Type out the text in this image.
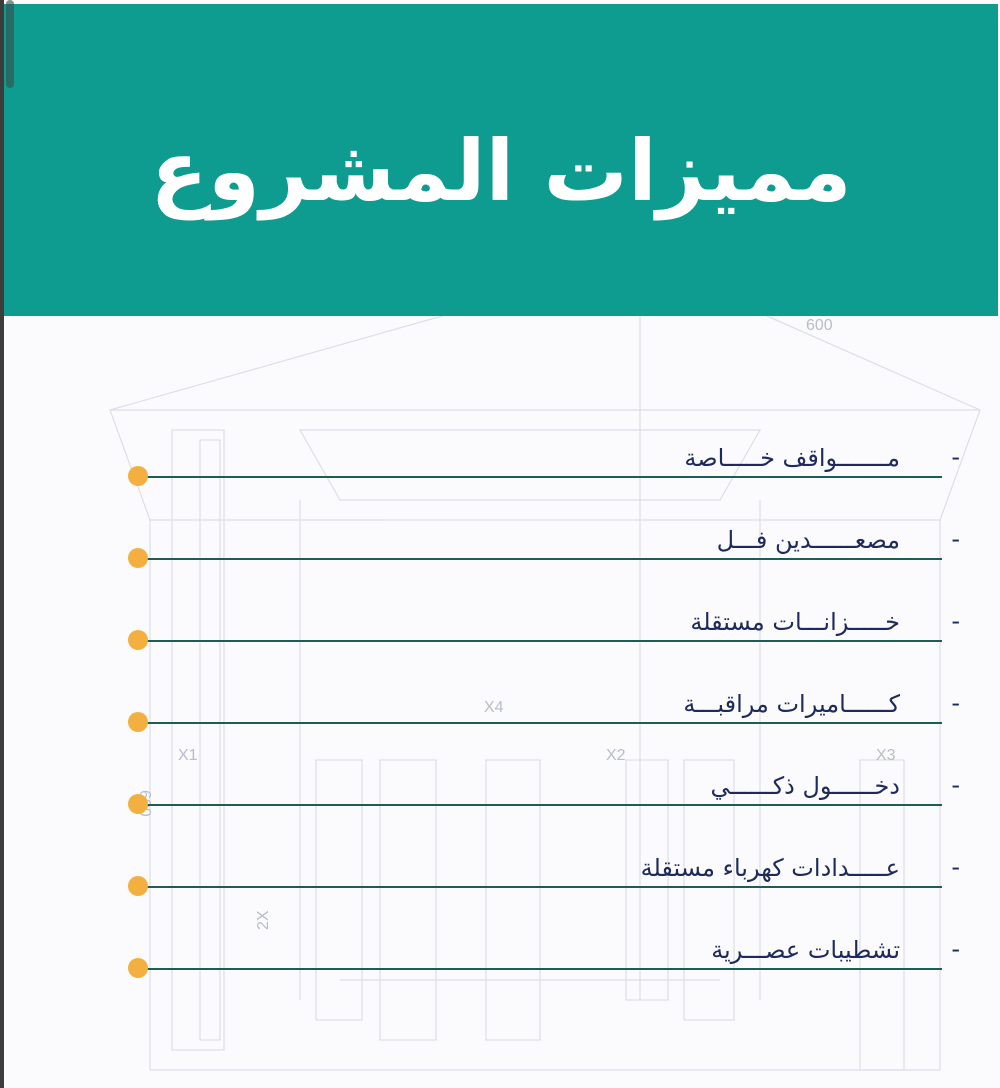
600
X1	X2	X3
X4
2X
مميزات المشروع
-
مـــــــواقف خـــــاصة
-
مصعــــــدين فـــل
-
خـــــزانـــات مستقلة
-
كــــــاميرات مراقبـــة
-
دخــــــول ذكــــــي
-
عـــــدادات كهرباء مستقلة
-
تشطيبات عصـــرية
